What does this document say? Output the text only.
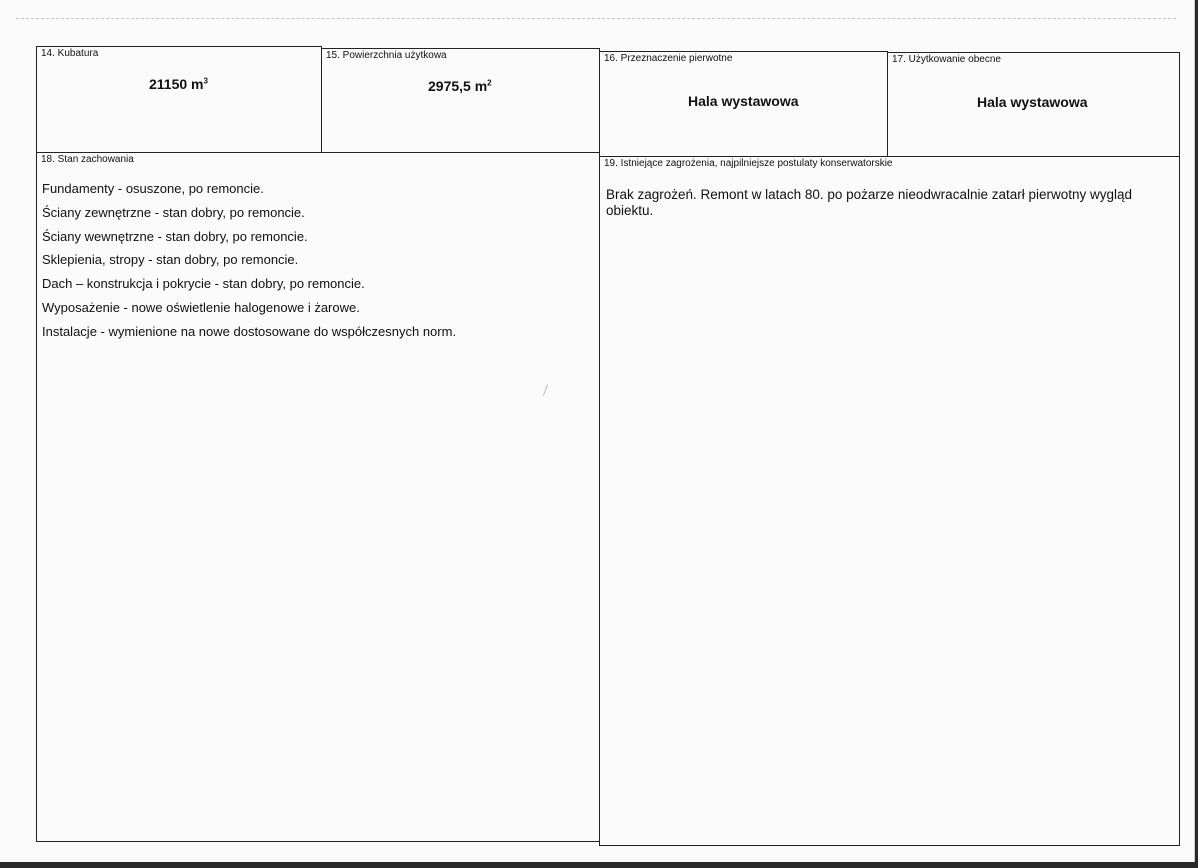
14. Kubatura
21150 $m^3$
15. Powierzchnia użytkowa
2975,5 $m^2$
16. Przeznaczenie pierwotne
Hala wystawowa
17. Użytkowanie obecne
Hala wystawowa
18. Stan zachowania
Fundamenty - osuszone, po remoncie.
Ściany zewnętrzne - stan dobry, po remoncie.
Ściany wewnętrzne - stan dobry, po remoncie.
Sklepienia, stropy - stan dobry, po remoncie.
Dach – konstrukcja i pokrycie - stan dobry, po remoncie.
Wyposażenie - nowe oświetlenie halogenowe i żarowe.
Instalacje - wymienione na nowe dostosowane do współczesnych norm.
19. Istniejące zagrożenia, najpilniejsze postulaty konserwatorskie
Brak zagrożeń. Remont w latach 80. po pożarze nieodwracalnie zatarł pierwotny wygląd obiektu.
